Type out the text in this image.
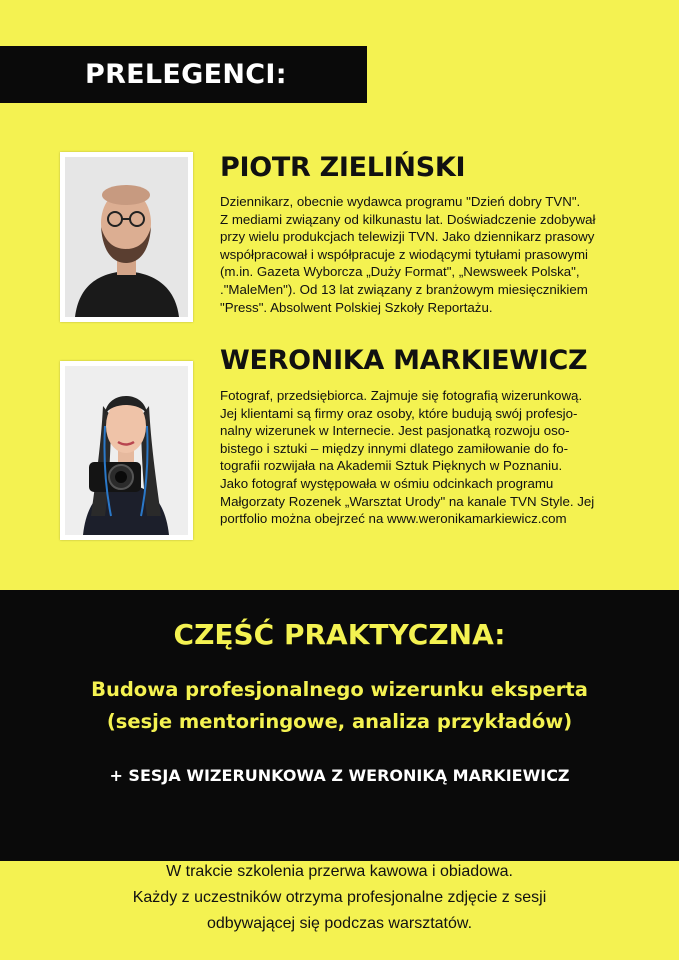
PRELEGENCI:
PIOTR ZIELIŃSKI
Dziennikarz, obecnie wydawca programu "Dzień dobry TVN".
Z mediami związany od kilkunastu lat. Doświadczenie zdobywał
przy wielu produkcjach telewizji TVN. Jako dziennikarz prasowy
współpracował i współpracuje z wiodącymi tytułami prasowymi
(m.in. Gazeta Wyborcza „Duży Format", „Newsweek Polska",
."MaleMen"). Od 13 lat związany z branżowym miesięcznikiem
"Press". Absolwent Polskiej Szkoły Reportażu.
WERONIKA MARKIEWICZ
Fotograf, przedsiębiorca. Zajmuje się fotografią wizerunkową.
Jej klientami są firmy oraz osoby, które budują swój profesjo-
nalny wizerunek w Internecie. Jest pasjonatką rozwoju oso-
bistego i sztuki – między innymi dlatego zamiłowanie do fo-
tografii rozwijała na Akademii Sztuk Pięknych w Poznaniu.
Jako fotograf występowała w ośmiu odcinkach programu
Małgorzaty Rozenek „Warsztat Urody" na kanale TVN Style. Jej
portfolio można obejrzeć na www.weronikamarkiewicz.com
CZĘŚĆ PRAKTYCZNA:
Budowa profesjonalnego wizerunku eksperta
(sesje mentoringowe, analiza przykładów)
+ SESJA WIZERUNKOWA Z WERONIKĄ MARKIEWICZ
W trakcie szkolenia przerwa kawowa i obiadowa.
Każdy z uczestników otrzyma profesjonalne zdjęcie z sesji
odbywającej się podczas warsztatów.
